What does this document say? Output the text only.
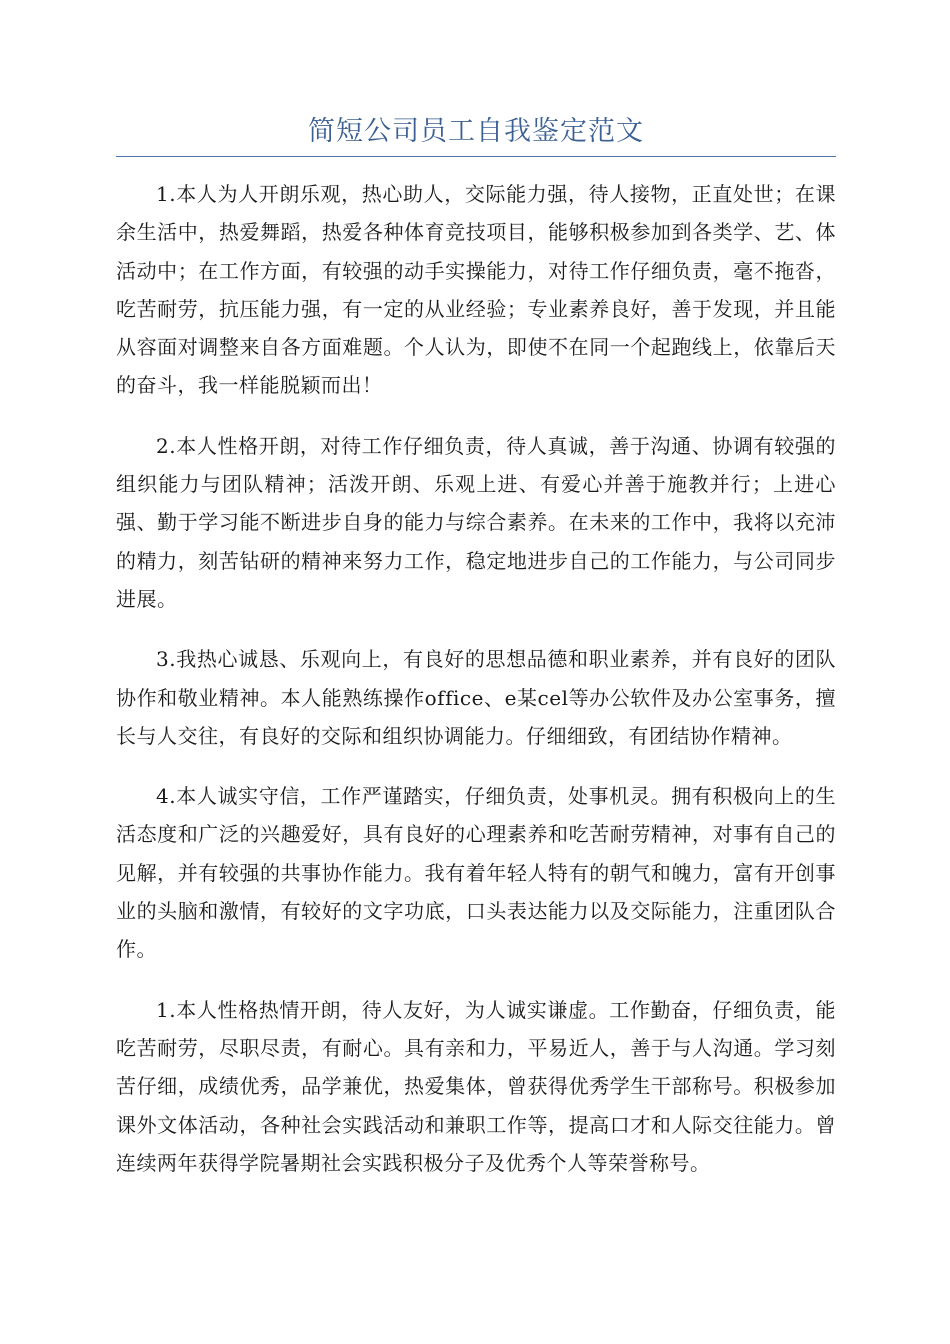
简短公司员工自我鉴定范文

1.本人为人开朗乐观，热心助人，交际能力强，待人接物，正直处世；在课余生活中，热爱舞蹈，热爱各种体育竞技项目，能够积极参加到各类学、艺、体活动中；在工作方面，有较强的动手实操能力，对待工作仔细负责，毫不拖沓，吃苦耐劳，抗压能力强，有一定的从业经验；专业素养良好，善于发现，并且能从容面对调整来自各方面难题。个人认为，即使不在同一个起跑线上，依靠后天的奋斗，我一样能脱颖而出！

2.本人性格开朗，对待工作仔细负责，待人真诚，善于沟通、协调有较强的组织能力与团队精神；活泼开朗、乐观上进、有爱心并善于施教并行；上进心强、勤于学习能不断进步自身的能力与综合素养。在未来的工作中，我将以充沛的精力，刻苦钻研的精神来努力工作，稳定地进步自己的工作能力，与公司同步进展。

3.我热心诚恳、乐观向上，有良好的思想品德和职业素养，并有良好的团队协作和敬业精神。本人能熟练操作office、e某cel等办公软件及办公室事务，擅长与人交往，有良好的交际和组织协调能力。仔细细致，有团结协作精神。

4.本人诚实守信，工作严谨踏实，仔细负责，处事机灵。拥有积极向上的生活态度和广泛的兴趣爱好，具有良好的心理素养和吃苦耐劳精神，对事有自己的见解，并有较强的共事协作能力。我有着年轻人特有的朝气和魄力，富有开创事业的头脑和激情，有较好的文字功底，口头表达能力以及交际能力，注重团队合作。

1.本人性格热情开朗，待人友好，为人诚实谦虚。工作勤奋，仔细负责，能吃苦耐劳，尽职尽责，有耐心。具有亲和力，平易近人，善于与人沟通。学习刻苦仔细，成绩优秀，品学兼优，热爱集体，曾获得优秀学生干部称号。积极参加课外文体活动，各种社会实践活动和兼职工作等，提高口才和人际交往能力。曾连续两年获得学院暑期社会实践积极分子及优秀个人等荣誉称号。
